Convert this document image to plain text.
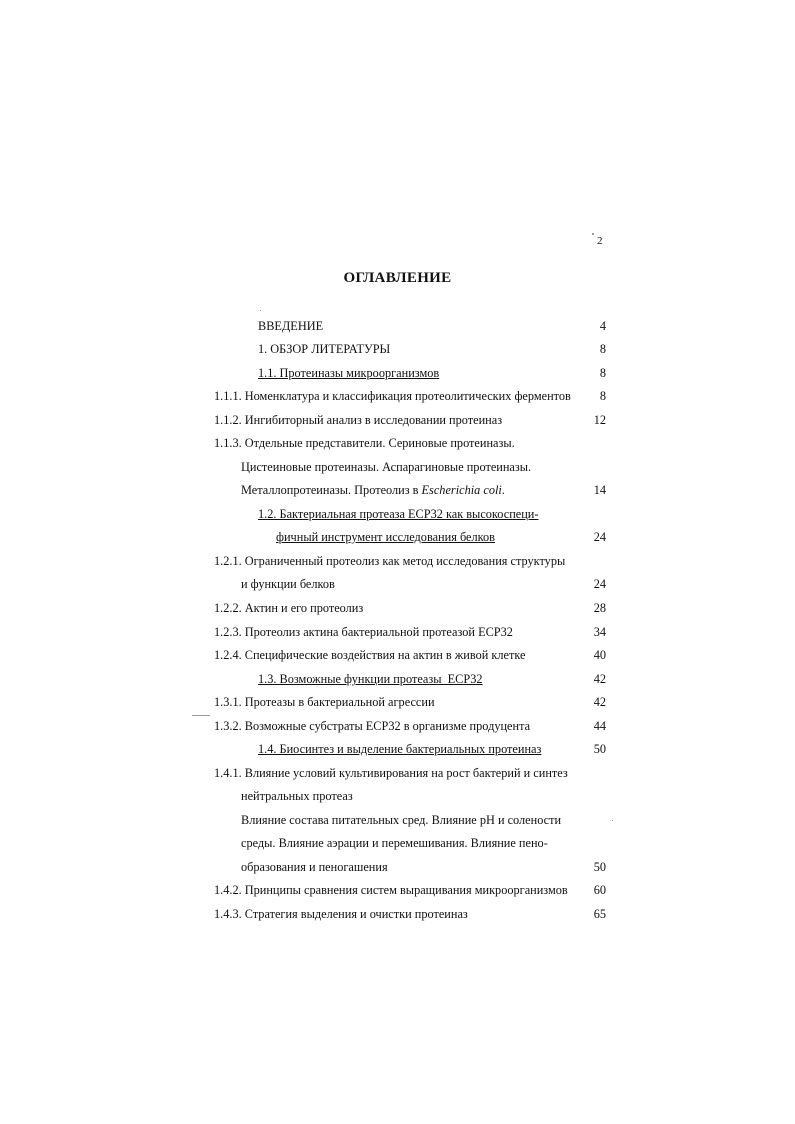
2
ОГЛАВЛЕНИЕ
ВВЕДЕНИЕ	4
1. ОБЗОР ЛИТЕРАТУРЫ	8
1.1. Протеиназы микроорганизмов	8
1.1.1. Номенклатура и классификация протеолитических ферментов	8
1.1.2. Ингибиторный анализ в исследовании протеиназ	12
1.1.3. Отдельные представители. Сериновые протеиназы.
Цистеиновые протеиназы. Аспарагиновые протеиназы.
Металлопротеиназы. Протеолиз в Escherichia coli.	14
1.2. Бактериальная протеаза ЕСР32 как высокоспеци-
фичный инструмент исследования белков	24
1.2.1. Ограниченный протеолиз как метод исследования структуры
и функции белков	24
1.2.2. Актин и его протеолиз	28
1.2.3. Протеолиз актина бактериальной протеазой ЕСР32	34
1.2.4. Специфические воздействия на актин в живой клетке	40
1.3. Возможные функции протеазы  ЕСР32	42
1.3.1. Протеазы в бактериальной агрессии	42
1.3.2. Возможные субстраты ЕСР32 в организме продуцента	44
1.4. Биосинтез и выделение бактериальных протеиназ	50
1.4.1. Влияние условий культивирования на рост бактерий и синтез
нейтральных протеаз
Влияние состава питательных сред. Влияние рН и солености
среды. Влияние аэрации и перемешивания. Влияние пено-
образования и пеногашения	50
1.4.2. Принципы сравнения систем выращивания микроорганизмов	60
1.4.3. Стратегия выделения и очистки протеиназ	65
